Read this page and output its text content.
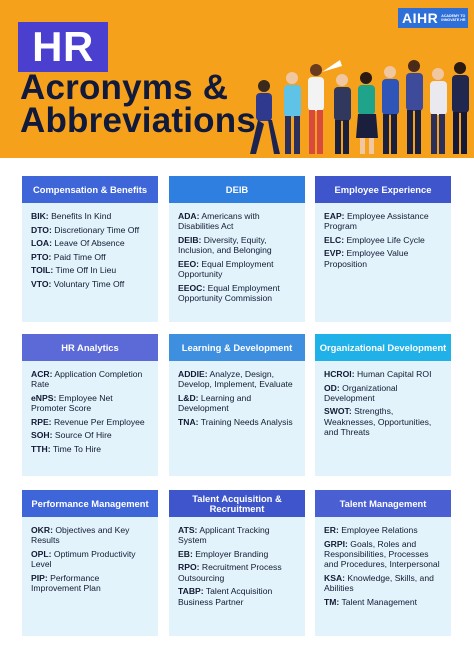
HR
Acronyms &
Abbreviations
AIHR ACADEMY TO INNOVATE HR
Compensation & Benefits
BIK: Benefits In Kind
DTO: Discretionary Time Off
LOA: Leave Of Absence
PTO: Paid Time Off
TOIL: Time Off In Lieu
VTO: Voluntary Time Off
DEIB
ADA: Americans with Disabilities Act
DEIB: Diversity, Equity, Inclusion, and Belonging
EEO: Equal Employment Opportunity
EEOC: Equal Employment Opportunity Commission
Employee Experience
EAP: Employee Assistance Program
ELC: Employee Life Cycle
EVP: Employee Value Proposition
HR Analytics
ACR: Application Completion Rate
eNPS: Employee Net Promoter Score
RPE: Revenue Per Employee
SOH: Source Of Hire
TTH: Time To Hire
Learning & Development
ADDIE: Analyze, Design, Develop, Implement, Evaluate
L&D: Learning and Development
TNA: Training Needs Analysis
Organizational Development
HCROI: Human Capital ROI
OD: Organizational Development
SWOT: Strengths, Weaknesses, Opportunities, and Threats
Performance Management
OKR: Objectives and Key Results
OPL: Optimum Productivity Level
PIP: Performance Improvement Plan
Talent Acquisition & Recruitment
ATS: Applicant Tracking System
EB: Employer Branding
RPO: Recruitment Process Outsourcing
TABP: Talent Acquisition Business Partner
Talent Management
ER: Employee Relations
GRPI: Goals, Roles and Responsibilities, Processes and Procedures, Interpersonal
KSA: Knowledge, Skills, and Abilities
TM: Talent Management
